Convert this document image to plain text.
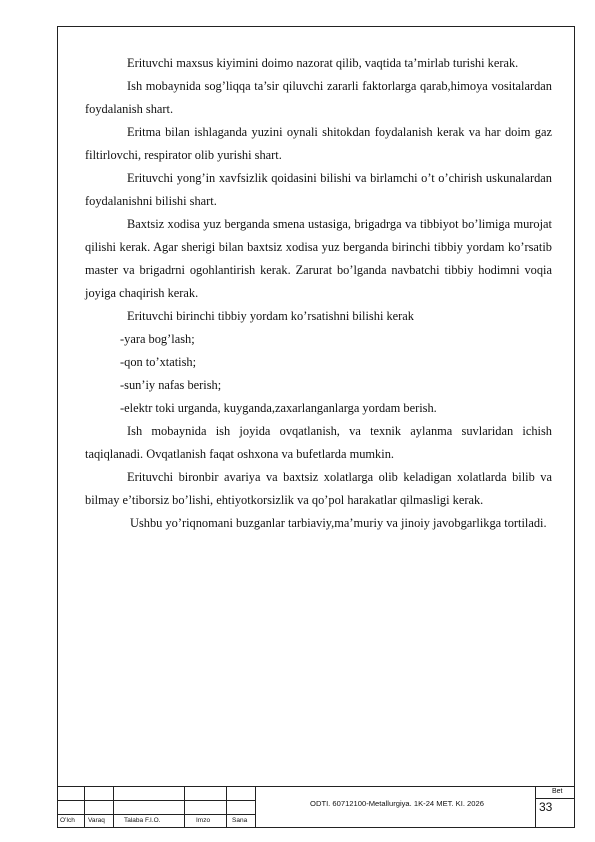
Erituvchi maxsus kiyimini doimo nazorat qilib, vaqtida ta’mirlab turishi kerak.

Ish mobaynida sog’liqqa ta’sir qiluvchi zararli faktorlarga qarab,himoya vositalardan foydalanish shart.

Eritma bilan ishlaganda yuzini oynali shitokdan foydalanish kerak va har doim gaz filtirlovchi, respirator olib yurishi shart.

Erituvchi yong’in xavfsizlik qoidasini bilishi va birlamchi o’t o’chirish uskunalardan foydalanishni bilishi shart.

Baxtsiz xodisa yuz berganda smena ustasiga, brigadrga va tibbiyot bo’limiga murojat qilishi kerak. Agar sherigi bilan baxtsiz xodisa yuz berganda birinchi tibbiy yordam ko’rsatib master va brigadrni ogohlantirish kerak. Zarurat bo’lganda navbatchi tibbiy hodimni voqia joyiga chaqirish kerak.

Erituvchi birinchi tibbiy yordam ko’rsatishni bilishi kerak

-yara bog’lash;

-qon to’xtatish;

-sun’iy nafas berish;

-elektr toki urganda, kuyganda,zaxarlanganlarga yordam berish.

Ish mobaynida ish joyida ovqatlanish, va texnik aylanma suvlaridan ichish taqiqlanadi. Ovqatlanish faqat oshxona va bufetlarda mumkin.

Erituvchi bironbir avariya va baxtsiz xolatlarga olib keladigan xolatlarda bilib va bilmay e’tiborsiz bo’lishi, ehtiyotkorsizlik va qo’pol harakatlar qilmasligi kerak.

Ushbu yo’riqnomani buzganlar tarbiaviy,ma’muriy va jinoiy javobgarlikga tortiladi.

O’lch Varaq	Talaba F.I.O.	Imzo	Sana
ODTI. 60712100-Metallurgiya. 1K-24 MET. KI. 2026
Bet
33
